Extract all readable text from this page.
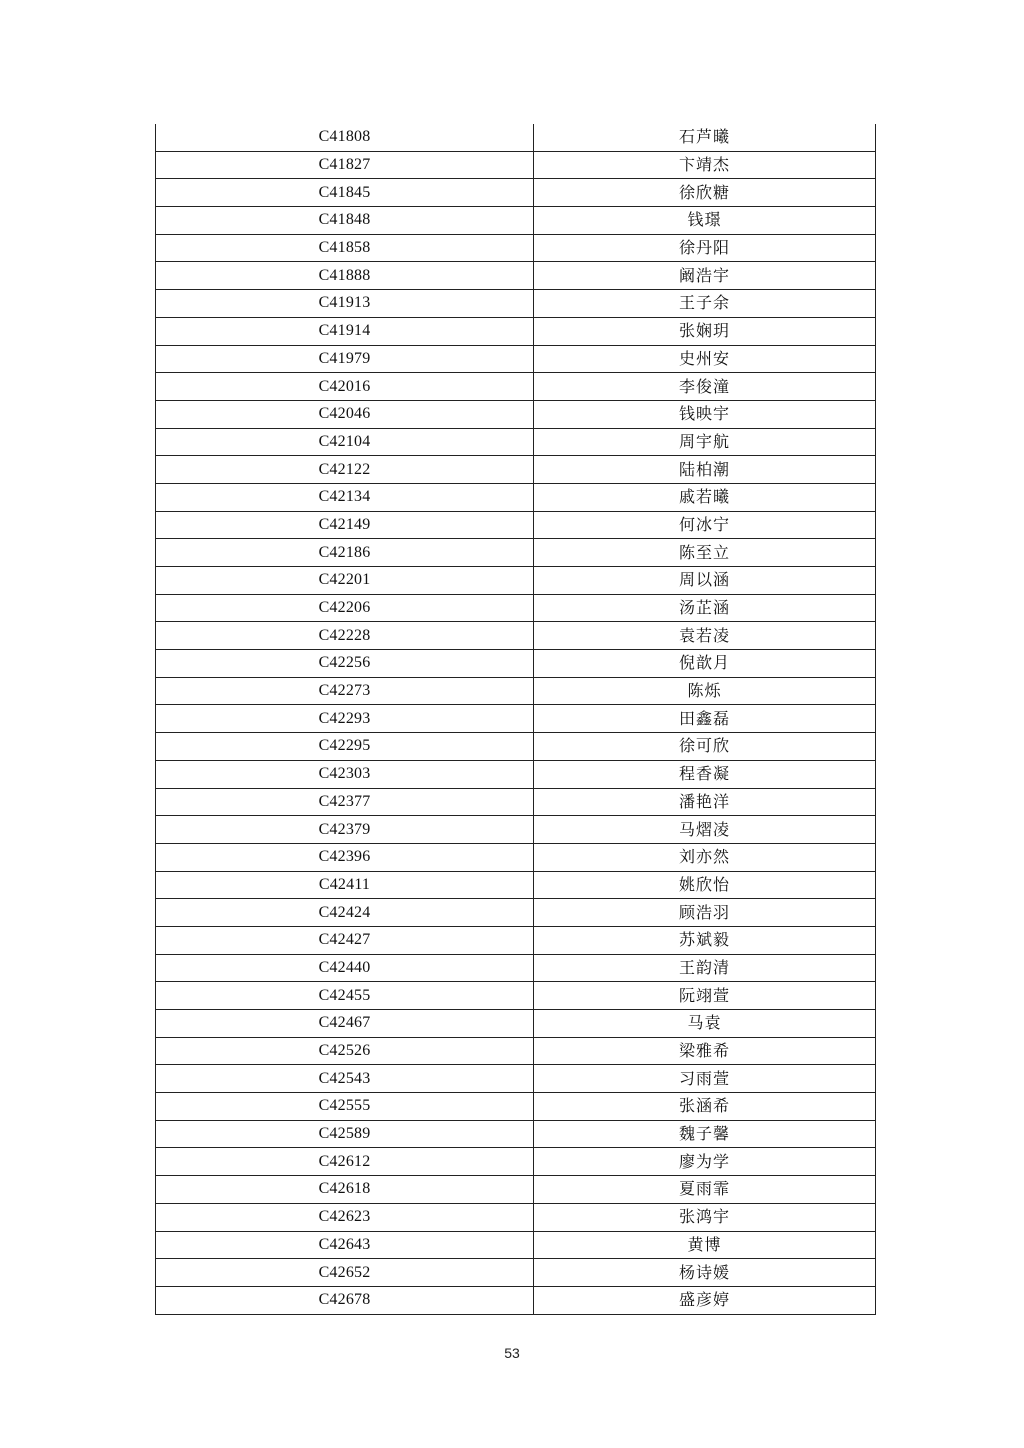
C41808	石芦曦
C41827	卞靖杰
C41845	徐欣糖
C41848	钱璟
C41858	徐丹阳
C41888	阚浩宇
C41913	王子余
C41914	张娴玥
C41979	史州安
C42016	李俊潼
C42046	钱映宇
C42104	周宇航
C42122	陆柏潮
C42134	戚若曦
C42149	何冰宁
C42186	陈至立
C42201	周以涵
C42206	汤芷涵
C42228	袁若凌
C42256	倪歆月
C42273	陈烁
C42293	田鑫磊
C42295	徐可欣
C42303	程香凝
C42377	潘艳洋
C42379	马熠凌
C42396	刘亦然
C42411	姚欣怡
C42424	顾浩羽
C42427	苏斌毅
C42440	王韵清
C42455	阮翊萱
C42467	马袁
C42526	梁雅希
C42543	习雨萱
C42555	张涵希
C42589	魏子馨
C42612	廖为学
C42618	夏雨霏
C42623	张鸿宇
C42643	黄博
C42652	杨诗媛
C42678	盛彦婷
53
